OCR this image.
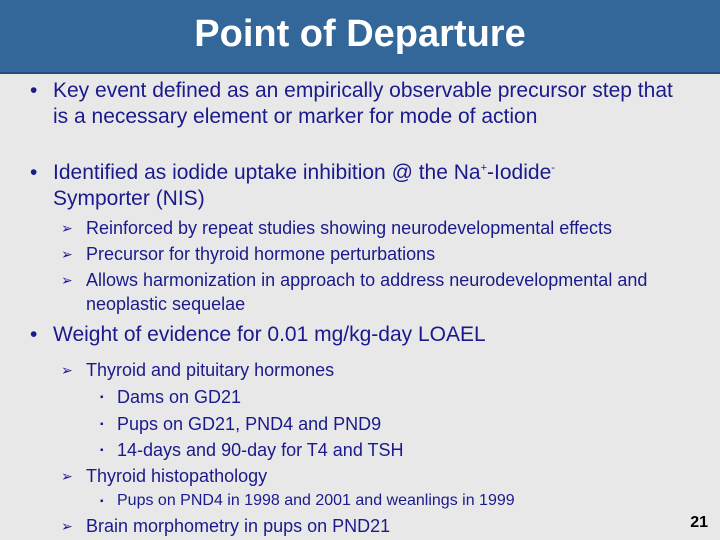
Point of Departure
• Key event defined as an empirically observable precursor step that is a necessary element or marker for mode of action
• Identified as iodide uptake inhibition @ the Na+-Iodide-
Symporter (NIS)
➢ Reinforced by repeat studies showing neurodevelopmental effects
➢ Precursor for thyroid hormone perturbations
➢ Allows harmonization in approach to address neurodevelopmental and neoplastic sequelae
• Weight of evidence for 0.01 mg/kg-day LOAEL
➢ Thyroid and pituitary hormones
▪ Dams on GD21
▪ Pups on GD21, PND4 and PND9
▪ 14-days and 90-day for T4 and TSH
➢ Thyroid histopathology
▪ Pups on PND4 in 1998 and 2001 and weanlings in 1999
➢ Brain morphometry in pups on PND21	21
